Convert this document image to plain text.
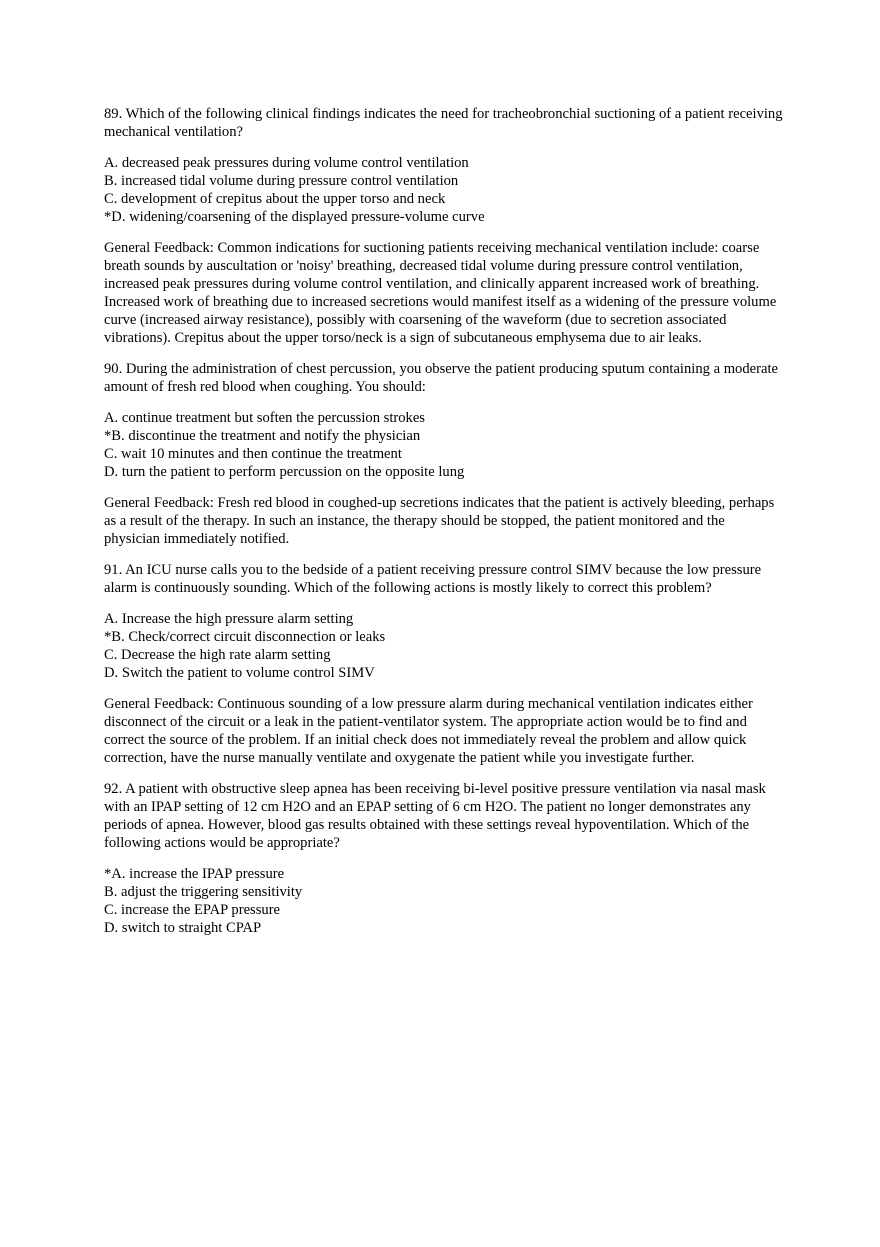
89. Which of the following clinical findings indicates the need for tracheobronchial suctioning of a patient receiving mechanical ventilation?

A. decreased peak pressures during volume control ventilation
B. increased tidal volume during pressure control ventilation
C. development of crepitus about the upper torso and neck
*D. widening/coarsening of the displayed pressure-volume curve

General Feedback: Common indications for suctioning patients receiving mechanical ventilation include: coarse breath sounds by auscultation or 'noisy' breathing, decreased tidal volume during pressure control ventilation, increased peak pressures during volume control ventilation, and clinically apparent increased work of breathing. Increased work of breathing due to increased secretions would manifest itself as a widening of the pressure volume curve (increased airway resistance), possibly with coarsening of the waveform (due to secretion associated vibrations). Crepitus about the upper torso/neck is a sign of subcutaneous emphysema due to air leaks.

90. During the administration of chest percussion, you observe the patient producing sputum containing a moderate amount of fresh red blood when coughing. You should:

A. continue treatment but soften the percussion strokes
*B. discontinue the treatment and notify the physician
C. wait 10 minutes and then continue the treatment
D. turn the patient to perform percussion on the opposite lung

General Feedback: Fresh red blood in coughed-up secretions indicates that the patient is actively bleeding, perhaps as a result of the therapy. In such an instance, the therapy should be stopped, the patient monitored and the physician immediately notified.

91. An ICU nurse calls you to the bedside of a patient receiving pressure control SIMV because the low pressure alarm is continuously sounding. Which of the following actions is mostly likely to correct this problem?

A. Increase the high pressure alarm setting
*B. Check/correct circuit disconnection or leaks
C. Decrease the high rate alarm setting
D. Switch the patient to volume control SIMV

General Feedback: Continuous sounding of a low pressure alarm during mechanical ventilation indicates either disconnect of the circuit or a leak in the patient-ventilator system. The appropriate action would be to find and correct the source of the problem. If an initial check does not immediately reveal the problem and allow quick correction, have the nurse manually ventilate and oxygenate the patient while you investigate further.

92. A patient with obstructive sleep apnea has been receiving bi-level positive pressure ventilation via nasal mask with an IPAP setting of 12 cm H2O and an EPAP setting of 6 cm H2O. The patient no longer demonstrates any periods of apnea. However, blood gas results obtained with these settings reveal hypoventilation. Which of the following actions would be appropriate?

*A. increase the IPAP pressure
B. adjust the triggering sensitivity
C. increase the EPAP pressure
D. switch to straight CPAP
